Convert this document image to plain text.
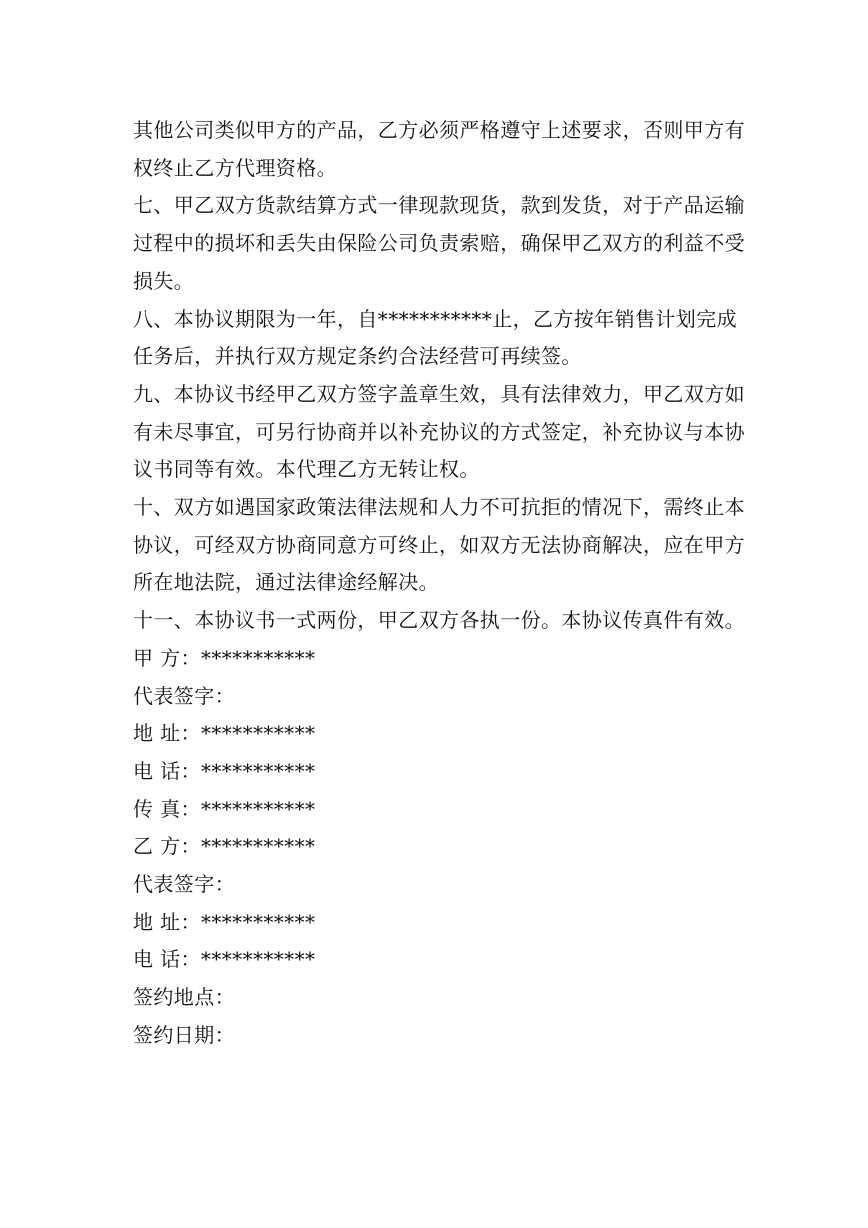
其他公司类似甲方的产品，乙方必须严格遵守上述要求，否则甲方有
权终止乙方代理资格。
七、甲乙双方货款结算方式一律现款现货，款到发货，对于产品运输
过程中的损坏和丢失由保险公司负责索赔，确保甲乙双方的利益不受
损失。
八、本协议期限为一年，自***********止，乙方按年销售计划完成
任务后，并执行双方规定条约合法经营可再续签。
九、本协议书经甲乙双方签字盖章生效，具有法律效力，甲乙双方如
有未尽事宜，可另行协商并以补充协议的方式签定，补充协议与本协
议书同等有效。本代理乙方无转让权。
十、双方如遇国家政策法律法规和人力不可抗拒的情况下，需终止本
协议，可经双方协商同意方可终止，如双方无法协商解决，应在甲方
所在地法院，通过法律途经解决。
十一、本协议书一式两份，甲乙双方各执一份。本协议传真件有效。

甲 方：***********

代表签字：

地 址：***********

电 话：***********

传 真：***********

乙 方：***********

代表签字：

地 址：***********

电 话：***********

签约地点：

签约日期：
